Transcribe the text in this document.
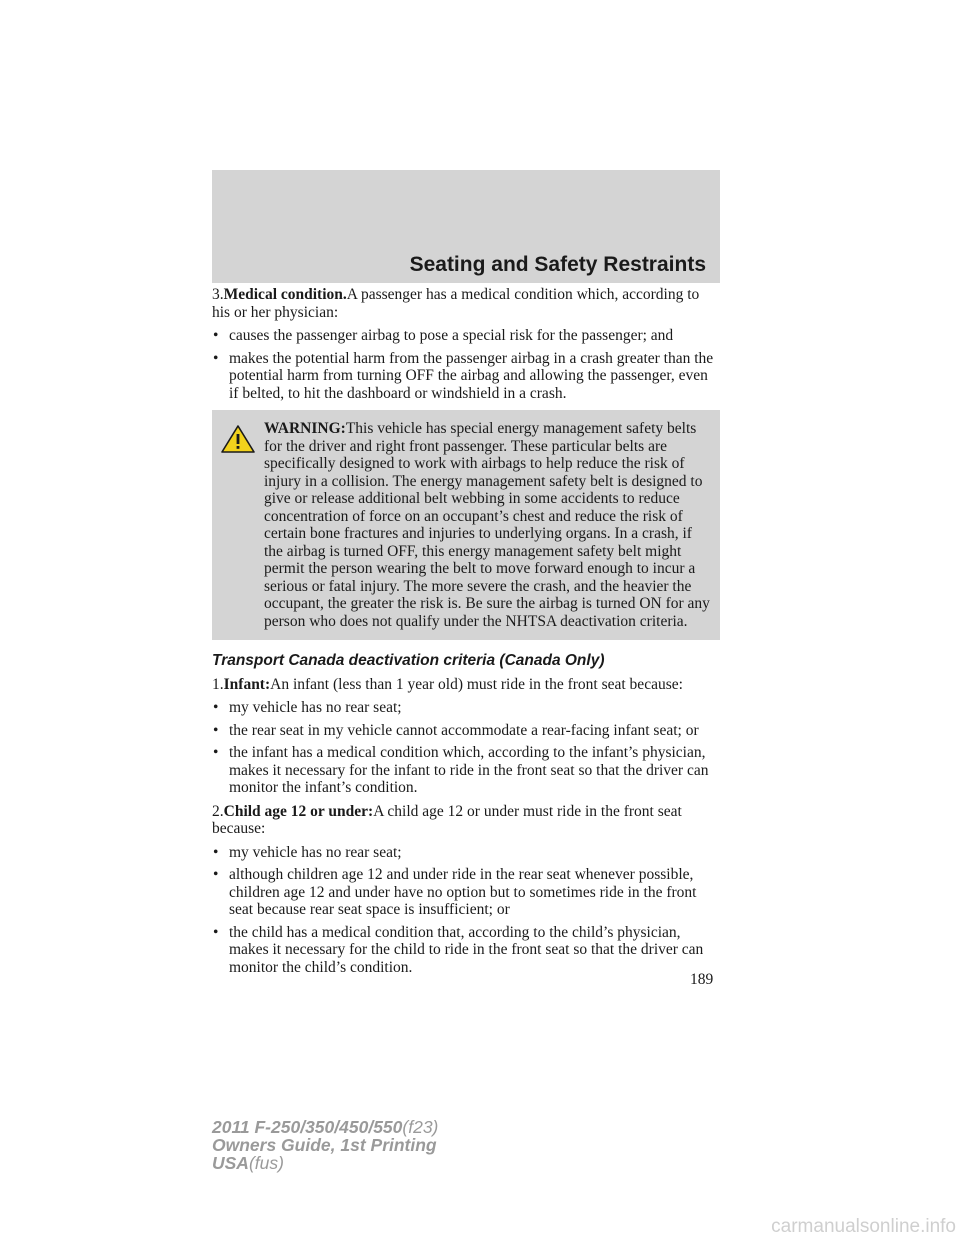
Seating and Safety Restraints

3.Medical condition.A passenger has a medical condition which, according to his or her physician:

• causes the passenger airbag to pose a special risk for the passenger; and
• makes the potential harm from the passenger airbag in a crash greater than the potential harm from turning OFF the airbag and allowing the passenger, even if belted, to hit the dashboard or windshield in a crash.
WARNING:This vehicle has special energy management safety belts for the driver and right front passenger. These particular belts are specifically designed to work with airbags to help reduce the risk of injury in a collision. The energy management safety belt is designed to give or release additional belt webbing in some accidents to reduce concentration of force on an occupant’s chest and reduce the risk of certain bone fractures and injuries to underlying organs. In a crash, if the airbag is turned OFF, this energy management safety belt might permit the person wearing the belt to move forward enough to incur a serious or fatal injury. The more severe the crash, and the heavier the occupant, the greater the risk is. Be sure the airbag is turned ON for any person who does not qualify under the NHTSA deactivation criteria.

Transport Canada deactivation criteria (Canada Only)

1.Infant:An infant (less than 1 year old) must ride in the front seat because:

• my vehicle has no rear seat;
• the rear seat in my vehicle cannot accommodate a rear-facing infant seat; or
• the infant has a medical condition which, according to the infant’s physician, makes it necessary for the infant to ride in the front seat so that the driver can monitor the infant’s condition.

2.Child age 12 or under:A child age 12 or under must ride in the front seat because:

• my vehicle has no rear seat;
• although children age 12 and under ride in the rear seat whenever possible, children age 12 and under have no option but to sometimes ride in the front seat because rear seat space is insufficient; or
• the child has a medical condition that, according to the child’s physician, makes it necessary for the child to ride in the front seat so that the driver can monitor the child’s condition.
189
2011 F-250/350/450/550(f23)
Owners Guide, 1st Printing
USA(fus)
carmanualsonline.info
